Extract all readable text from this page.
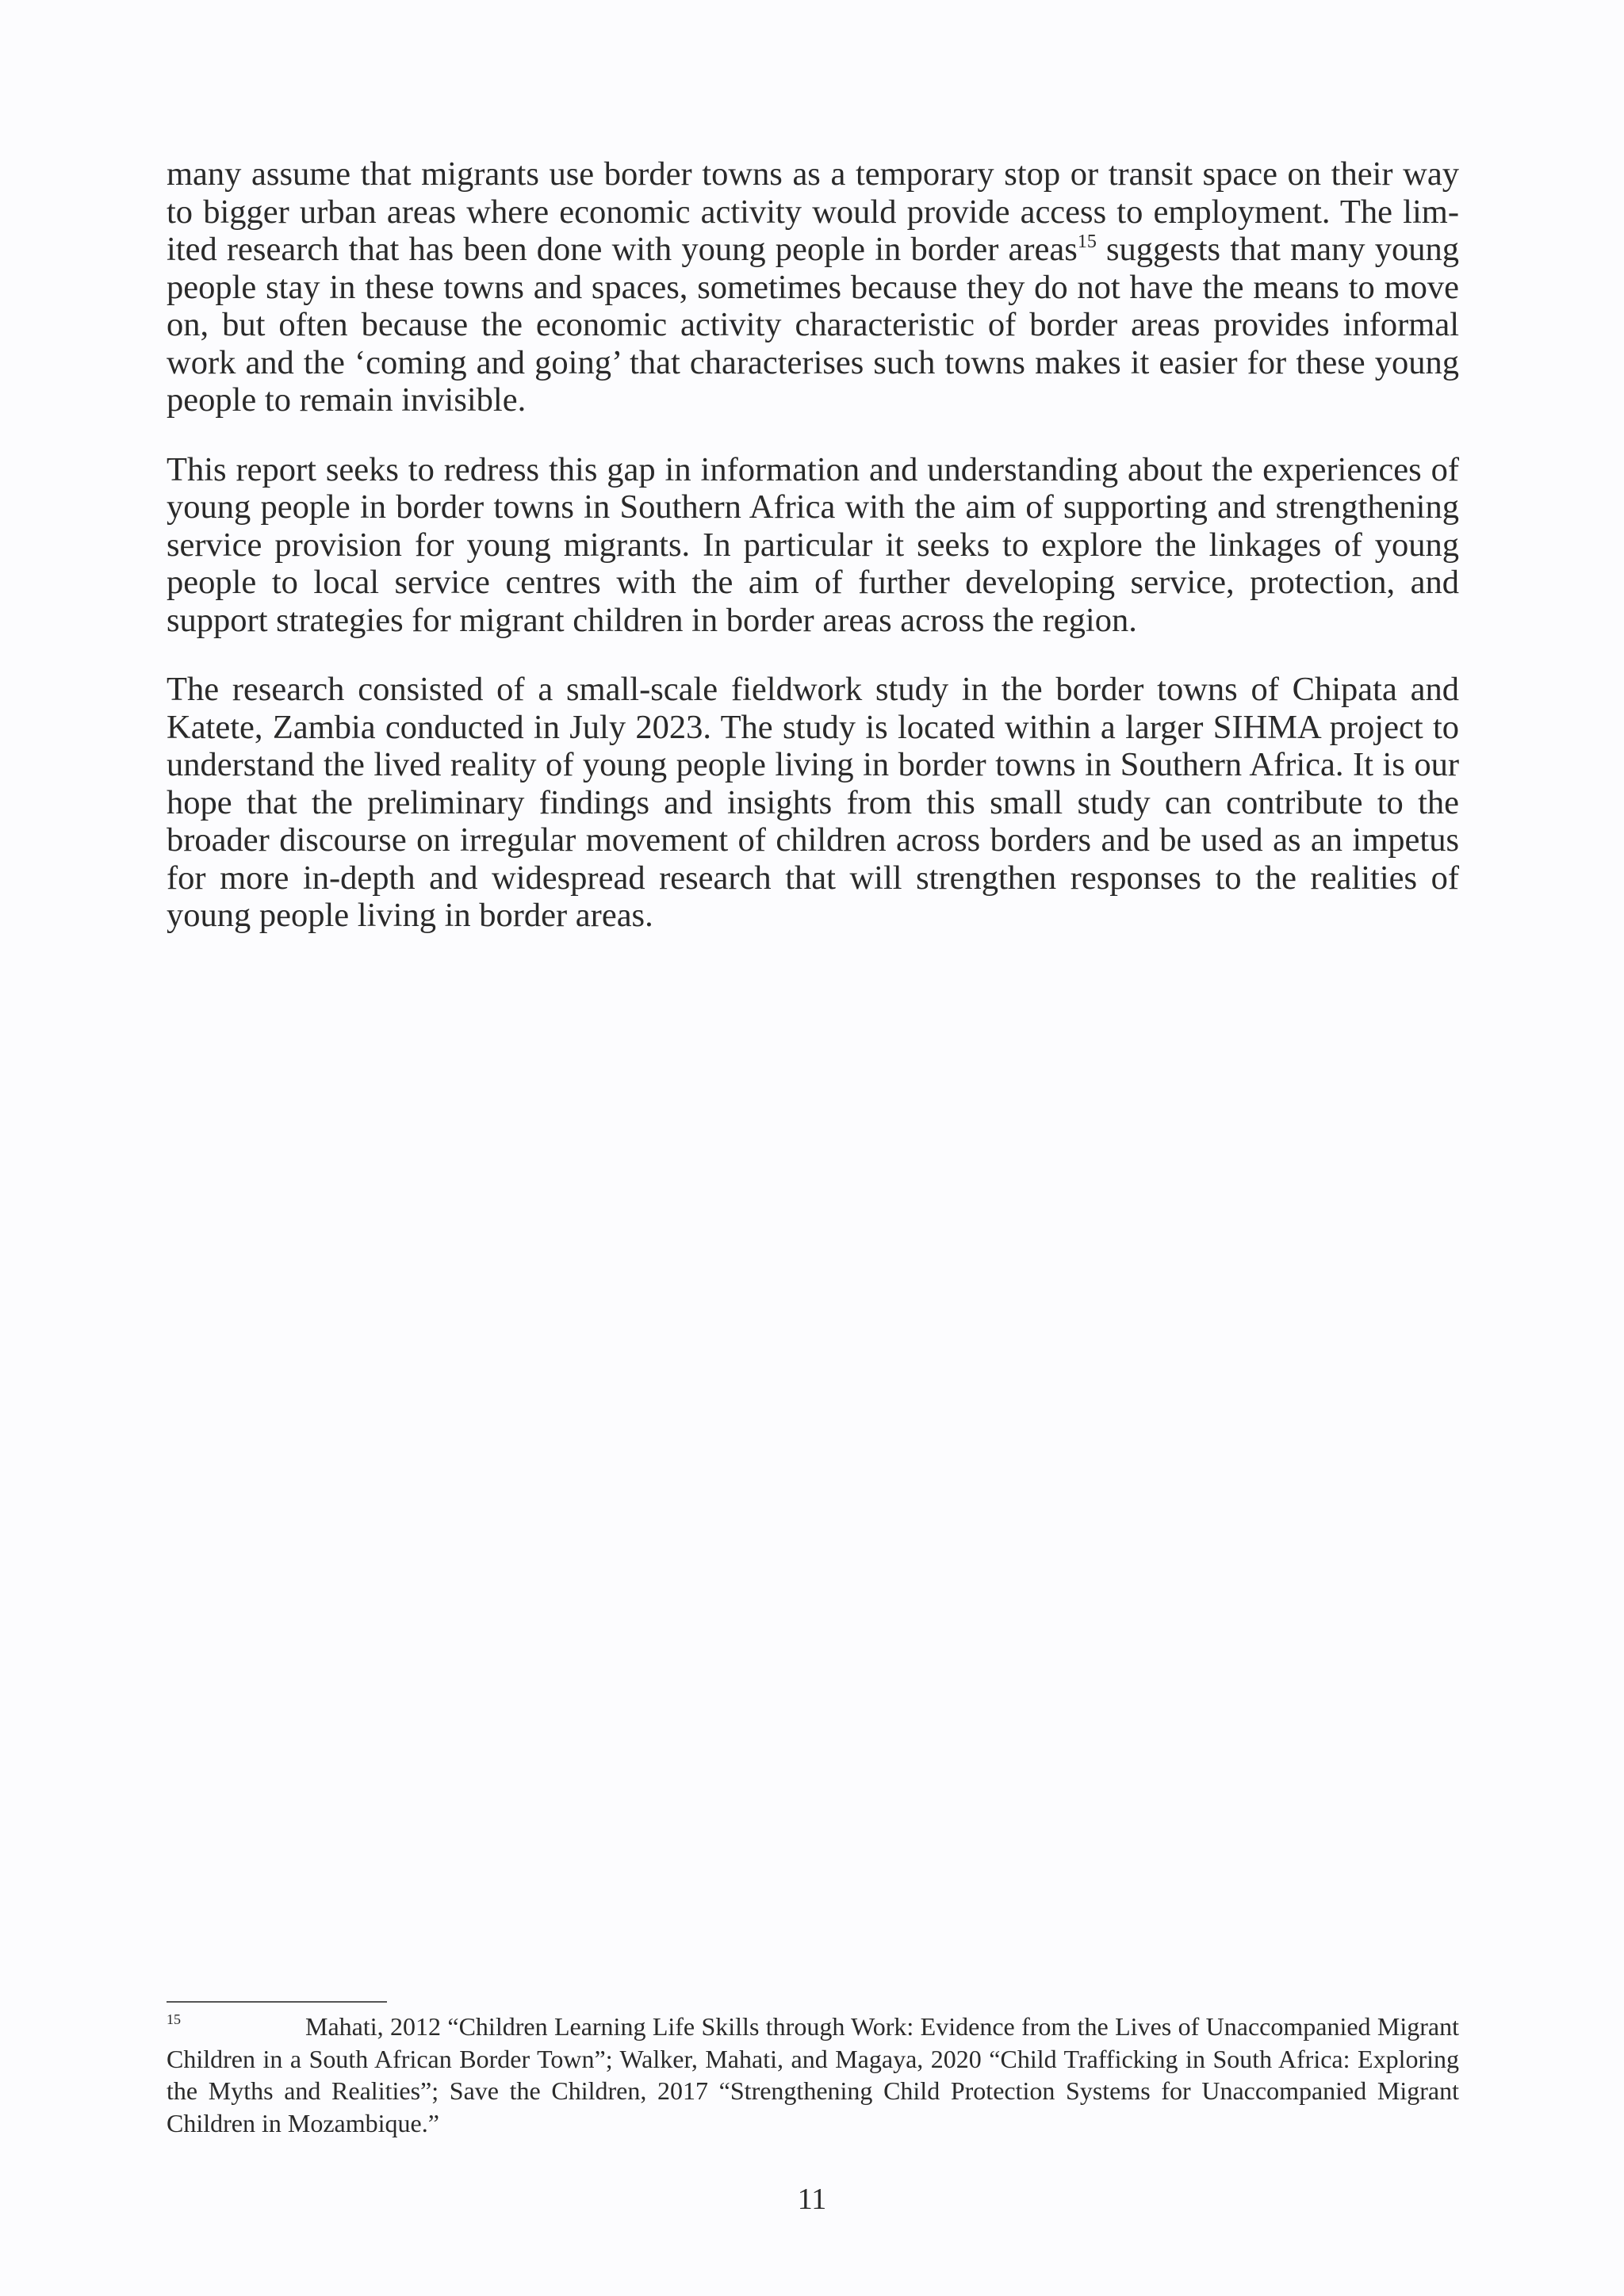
many assume that migrants use border towns as a temporary stop or transit space on their way to bigger urban areas where economic activity would provide access to employment. The limited research that has been done with young people in border areas$^{15}$ suggests that many young people stay in these towns and spaces, sometimes because they do not have the means to move on, but often because the economic activity characteristic of border areas provides informal work and the ‘coming and going’ that characterises such towns makes it easier for these young people to remain invisible.

This report seeks to redress this gap in information and understanding about the experiences of young people in border towns in Southern Africa with the aim of supporting and strengthening service provision for young migrants. In particular it seeks to explore the linkages of young people to local service centres with the aim of further developing service, protection, and support strategies for migrant children in border areas across the region.

The research consisted of a small-scale fieldwork study in the border towns of Chipata and Katete, Zambia conducted in July 2023. The study is located within a larger SIHMA project to understand the lived reality of young people living in border towns in Southern Africa. It is our hope that the preliminary findings and insights from this small study can contribute to the broader discourse on irregular movement of children across borders and be used as an impetus for more in-depth and widespread research that will strengthen responses to the realities of young people living in border areas.

15	Mahati, 2012 “Children Learning Life Skills through Work: Evidence from the Lives of Unaccompanied Migrant Children in a South African Border Town”; Walker, Mahati, and Magaya, 2020 “Child Trafficking in South Africa: Exploring the Myths and Realities”; Save the Children, 2017 “Strengthening Child Protection Systems for Unaccompanied Migrant Children in Mozambique.”
11
